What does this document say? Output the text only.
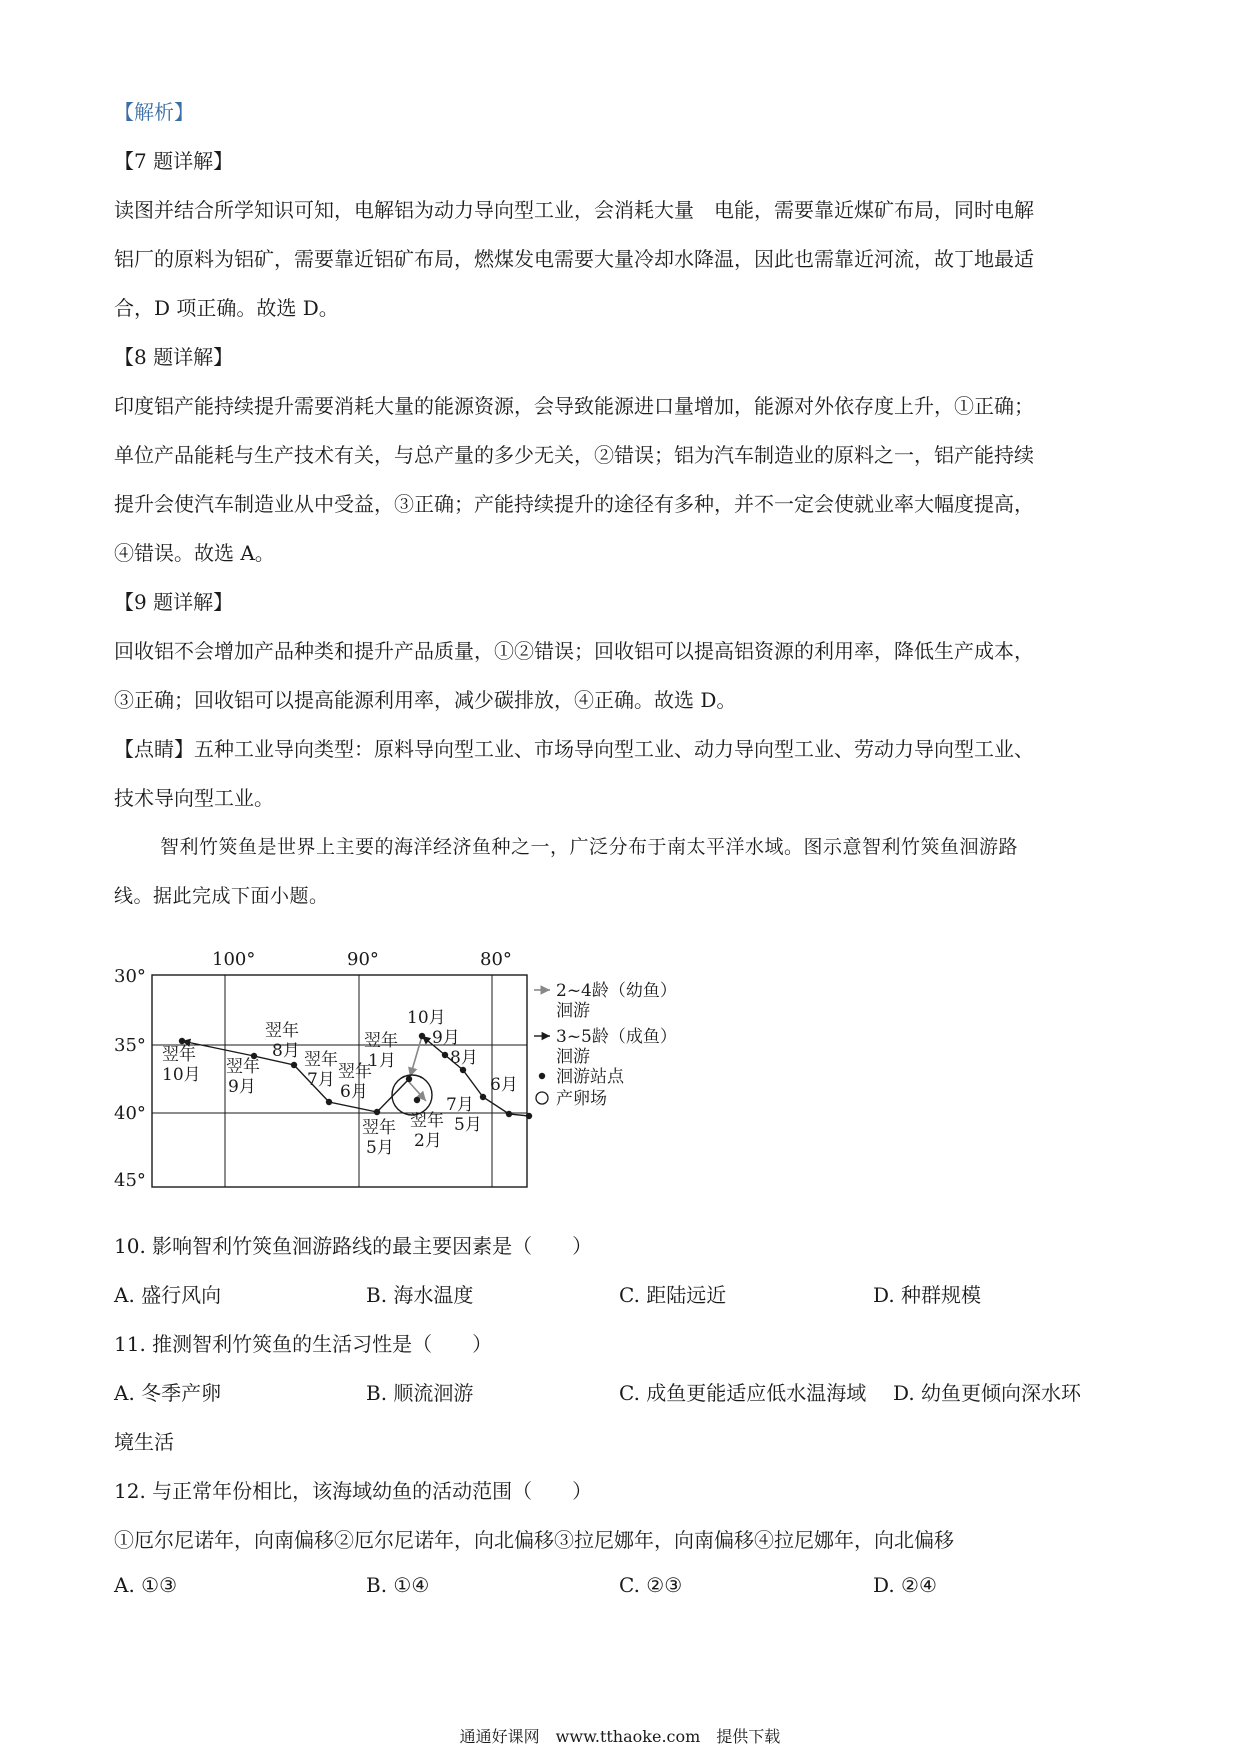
【解析】
【7 题详解】
读图并结合所学知识可知，电解铝为动力导向型工业，会消耗大量　电能，需要靠近煤矿布局，同时电解
铝厂的原料为铝矿，需要靠近铝矿布局，燃煤发电需要大量冷却水降温，因此也需靠近河流，故丁地最适
合，D 项正确。故选 D。
【8 题详解】
印度铝产能持续提升需要消耗大量的能源资源，会导致能源进口量增加，能源对外依存度上升，①正确；
单位产品能耗与生产技术有关，与总产量的多少无关，②错误；铝为汽车制造业的原料之一，铝产能持续
提升会使汽车制造业从中受益，③正确；产能持续提升的途径有多种，并不一定会使就业率大幅度提高，
④错误。故选 A。
【9 题详解】
回收铝不会增加产品种类和提升产品质量，①②错误；回收铝可以提高铝资源的利用率，降低生产成本，
③正确；回收铝可以提高能源利用率，减少碳排放，④正确。故选 D。
【点睛】五种工业导向类型：原料导向型工业、市场导向型工业、动力导向型工业、劳动力导向型工业、
技术导向型工业。
智利竹筴鱼是世界上主要的海洋经济鱼种之一，广泛分布于南太平洋水域。图示意智利竹筴鱼洄游路
线。据此完成下面小题。
100°	90°	80°
30°
35°
40°
45°
翌年
10月 翌年
9月
翌年
8月 翌年
7月 翌年
6月
翌年
5月
翌年
1月
翌年
2月
10月
9月
8月
6月
7月
5月
2~4龄（幼鱼）
洄游
3~5龄（成鱼）
洄游
洄游站点
产卵场
10. 影响智利竹筴鱼洄游路线的最主要因素是（　　）
A. 盛行风向	B. 海水温度	C. 距陆远近	D. 种群规模
11. 推测智利竹筴鱼的生活习性是（　　）
A. 冬季产卵	B. 顺流洄游	C. 成鱼更能适应低水温海域 D. 幼鱼更倾向深水环
境生活
12. 与正常年份相比，该海域幼鱼的活动范围（　　）
①厄尔尼诺年，向南偏移②厄尔尼诺年，向北偏移③拉尼娜年，向南偏移④拉尼娜年，向北偏移
A. ①③	B. ①④	C. ②③	D. ②④
通通好课网　www.tthaoke.com　提供下载
